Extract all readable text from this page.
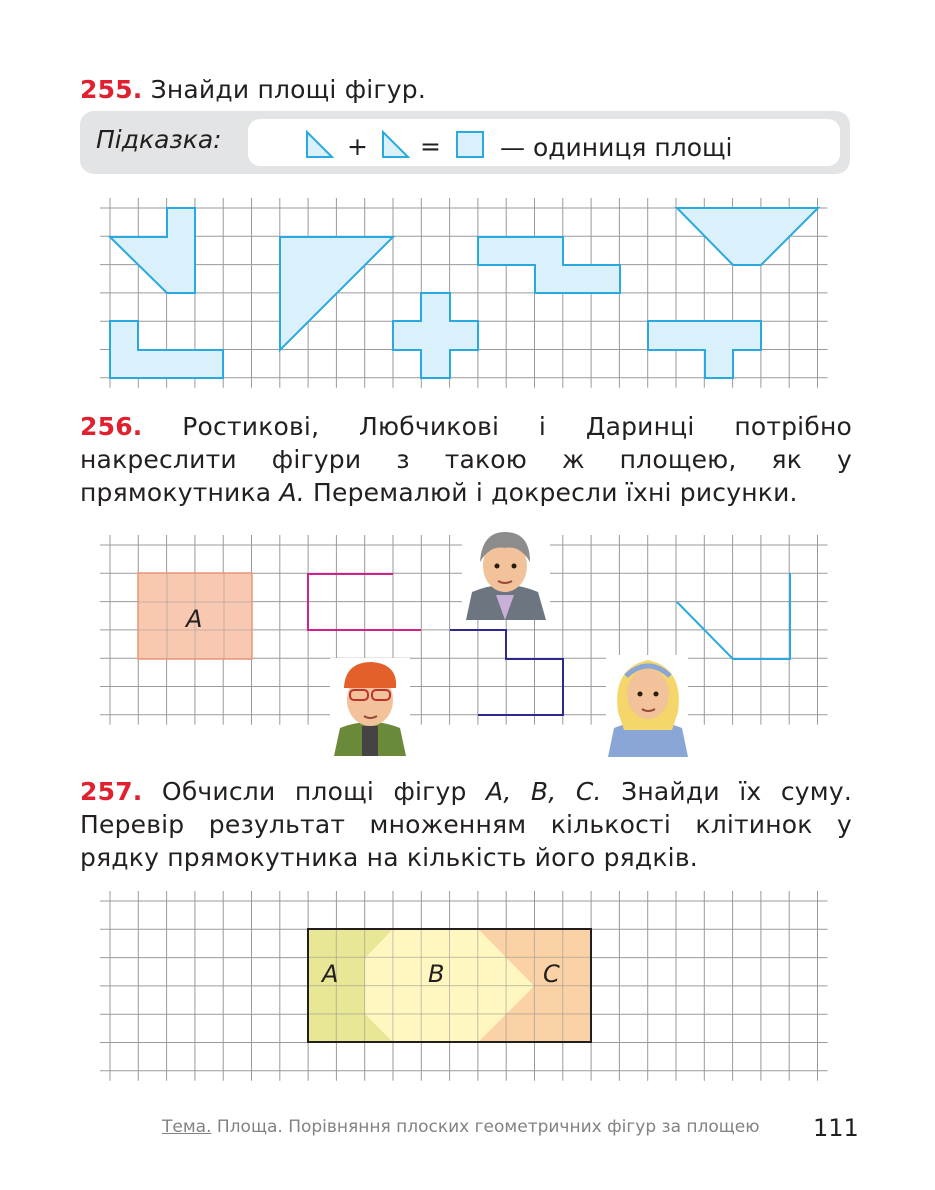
255. Знайди площі фігур.
Підказка:	+ = — одиниця площі
256. Ростикові, Любчикові і Даринці потрібно накреслити фігури з такою ж площею, як у прямокутника А. Перемалюй і докресли їхні рисунки.
А
257. Обчисли площі фігур А, В, С. Знайди їх суму. Перевір результат множенням кількості клітинок у рядку прямокутника на кількість його рядків.
А	В	С
Тема. Площа. Порівняння плоских геометричних фігур за площею 111
